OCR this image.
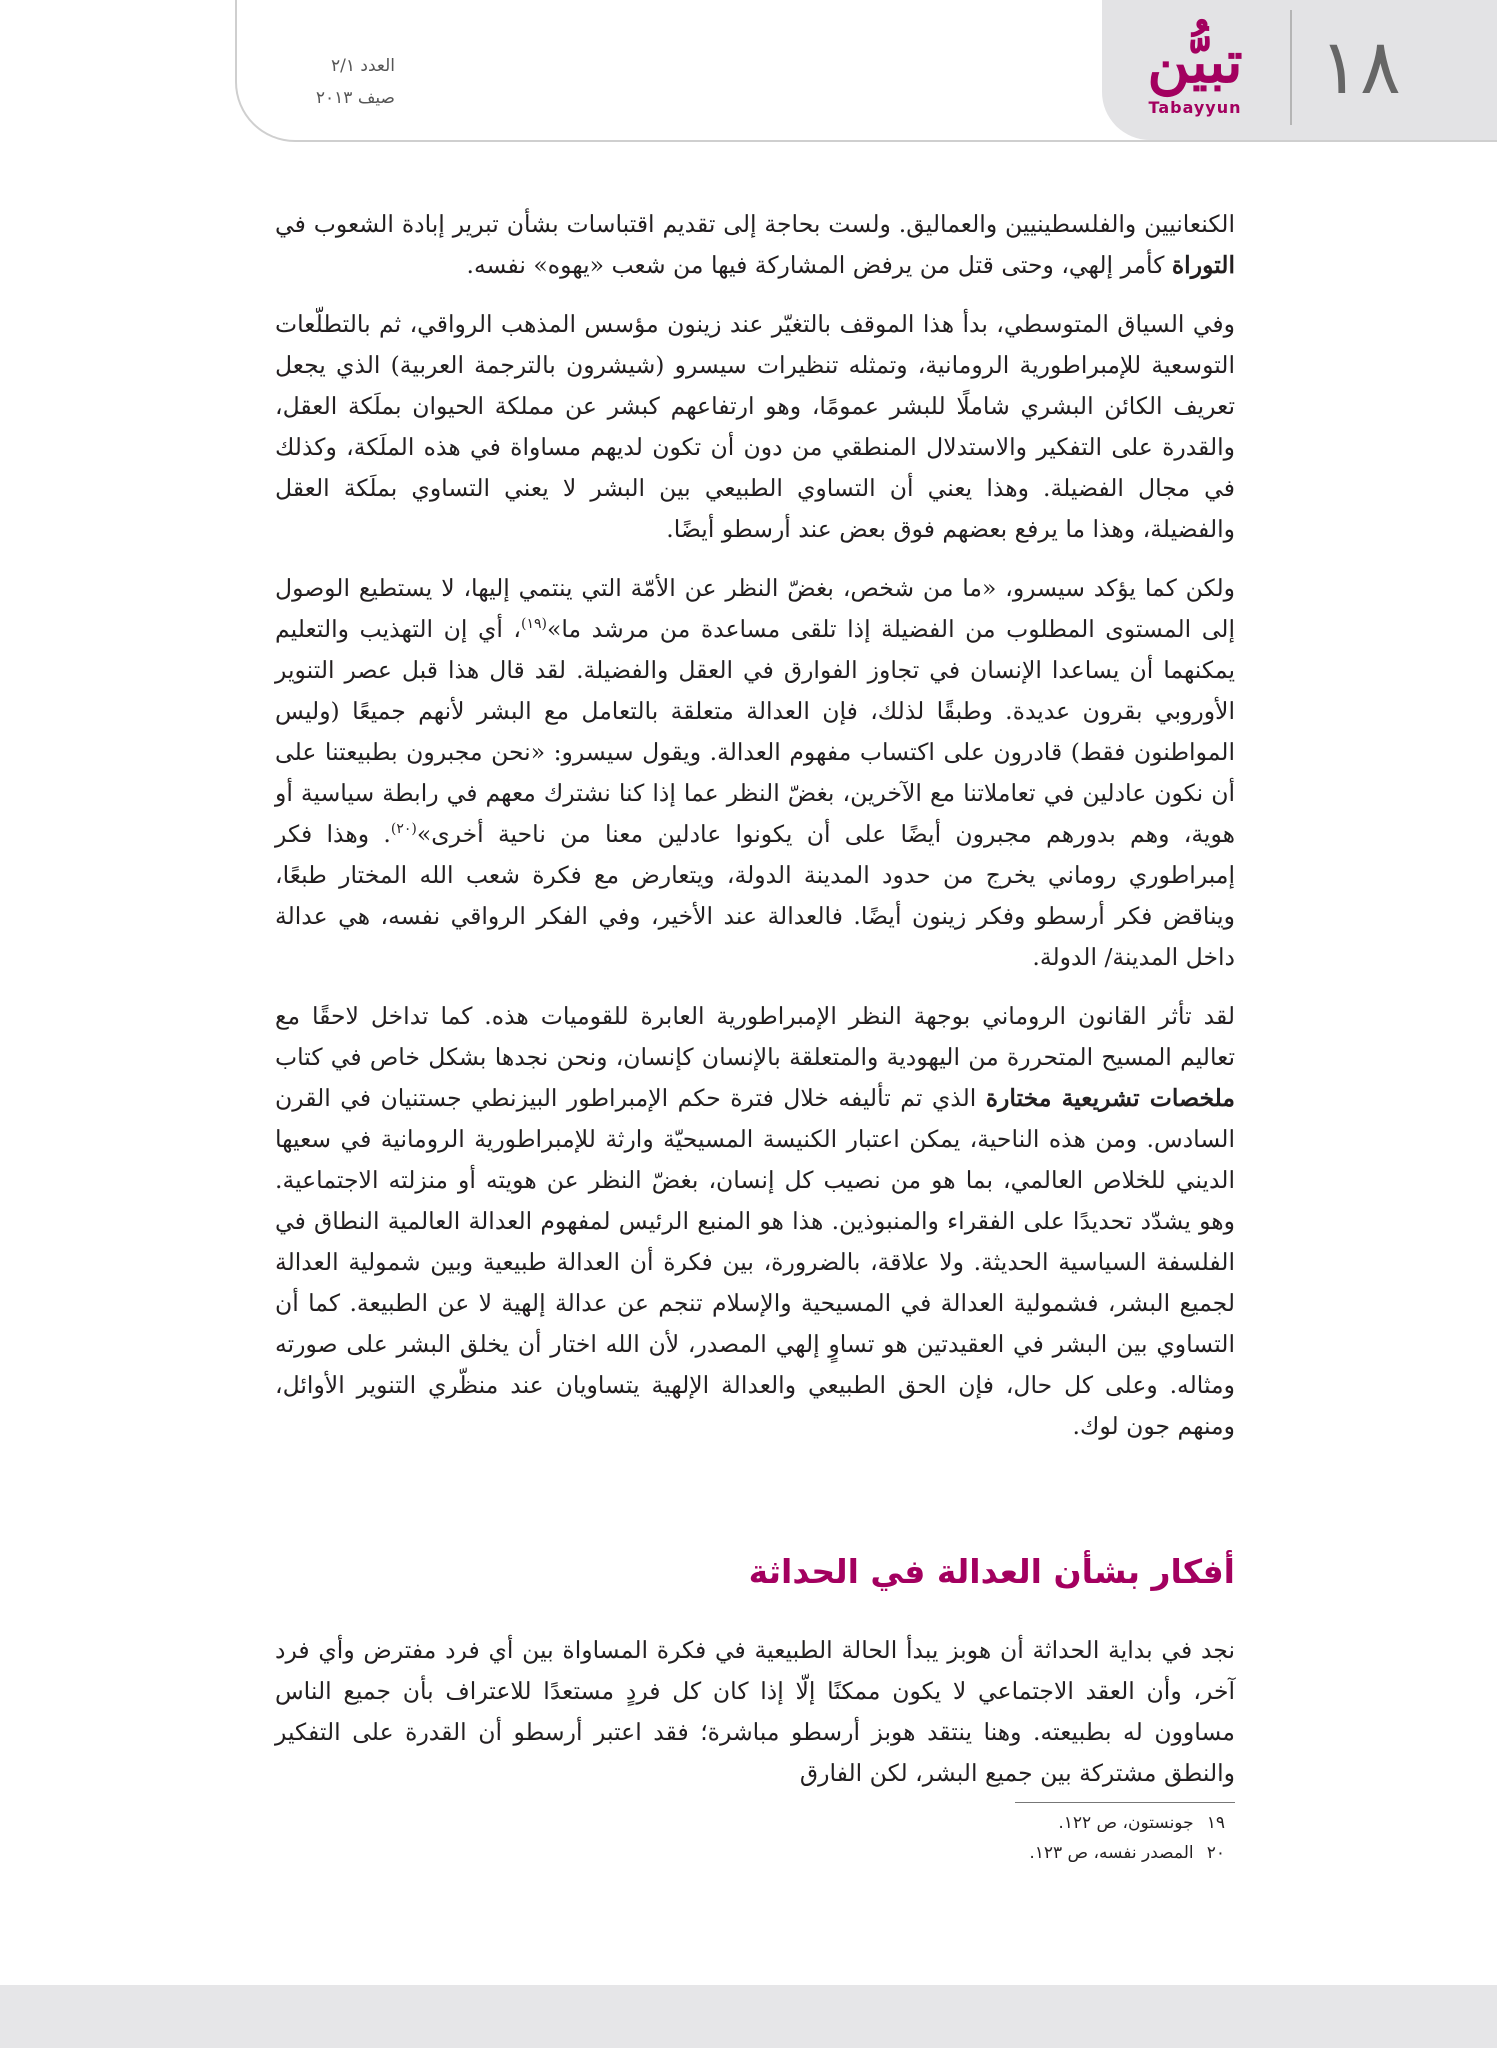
العدد ٢/١
صيف ٢٠١٣
تبيُّن
Tabayyun	١٨

الكنعانيين والفلسطينيين والعماليق. ولست بحاجة إلى تقديم اقتباسات بشأن تبرير إبادة الشعوب في التوراة كأمر إلهي، وحتى قتل من يرفض المشاركة فيها من شعب «يهوه» نفسه.

وفي السياق المتوسطي، بدأ هذا الموقف بالتغيّر عند زينون مؤسس المذهب الرواقي، ثم بالتطلّعات التوسعية للإمبراطورية الرومانية، وتمثله تنظيرات سيسرو (شيشرون بالترجمة العربية) الذي يجعل تعريف الكائن البشري شاملًا للبشر عمومًا، وهو ارتفاعهم كبشر عن مملكة الحيوان بملَكة العقل، والقدرة على التفكير والاستدلال المنطقي من دون أن تكون لديهم مساواة في هذه الملَكة، وكذلك في مجال الفضيلة. وهذا يعني أن التساوي الطبيعي بين البشر لا يعني التساوي بملَكة العقل والفضيلة، وهذا ما يرفع بعضهم فوق بعض عند أرسطو أيضًا.

ولكن كما يؤكد سيسرو، «ما من شخص، بغضّ النظر عن الأمّة التي ينتمي إليها، لا يستطيع الوصول إلى المستوى المطلوب من الفضيلة إذا تلقى مساعدة من مرشد ما»$^{(١٩)}$، أي إن التهذيب والتعليم يمكنهما أن يساعدا الإنسان في تجاوز الفوارق في العقل والفضيلة. لقد قال هذا قبل عصر التنوير الأوروبي بقرون عديدة. وطبقًا لذلك، فإن العدالة متعلقة بالتعامل مع البشر لأنهم جميعًا (وليس المواطنون فقط) قادرون على اكتساب مفهوم العدالة. ويقول سيسرو: «نحن مجبرون بطبيعتنا على أن نكون عادلين في تعاملاتنا مع الآخرين، بغضّ النظر عما إذا كنا نشترك معهم في رابطة سياسية أو هوية، وهم بدورهم مجبرون أيضًا على أن يكونوا عادلين معنا من ناحية أخرى»$^{(٢٠)}$. وهذا فكر إمبراطوري روماني يخرج من حدود المدينة الدولة، ويتعارض مع فكرة شعب الله المختار طبعًا، ويناقض فكر أرسطو وفكر زينون أيضًا. فالعدالة عند الأخير، وفي الفكر الرواقي نفسه، هي عدالة داخل المدينة/ الدولة.

لقد تأثر القانون الروماني بوجهة النظر الإمبراطورية العابرة للقوميات هذه. كما تداخل لاحقًا مع تعاليم المسيح المتحررة من اليهودية والمتعلقة بالإنسان كإنسان، ونحن نجدها بشكل خاص في كتاب ملخصات تشريعية مختارة الذي تم تأليفه خلال فترة حكم الإمبراطور البيزنطي جستنيان في القرن السادس. ومن هذه الناحية، يمكن اعتبار الكنيسة المسيحيّة وارثة للإمبراطورية الرومانية في سعيها الديني للخلاص العالمي، بما هو من نصيب كل إنسان، بغضّ النظر عن هويته أو منزلته الاجتماعية. وهو يشدّد تحديدًا على الفقراء والمنبوذين. هذا هو المنبع الرئيس لمفهوم العدالة العالمية النطاق في الفلسفة السياسية الحديثة. ولا علاقة، بالضرورة، بين فكرة أن العدالة طبيعية وبين شمولية العدالة لجميع البشر، فشمولية العدالة في المسيحية والإسلام تنجم عن عدالة إلهية لا عن الطبيعة. كما أن التساوي بين البشر في العقيدتين هو تساوٍ إلهي المصدر، لأن الله اختار أن يخلق البشر على صورته ومثاله. وعلى كل حال، فإن الحق الطبيعي والعدالة الإلهية يتساويان عند منظّري التنوير الأوائل، ومنهم جون لوك.

أفكار بشأن العدالة في الحداثة

نجد في بداية الحداثة أن هوبز يبدأ الحالة الطبيعية في فكرة المساواة بين أي فرد مفترض وأي فرد آخر، وأن العقد الاجتماعي لا يكون ممكنًا إلّا إذا كان كل فردٍ مستعدًا للاعتراف بأن جميع الناس مساوون له بطبيعته. وهنا ينتقد هوبز أرسطو مباشرة؛ فقد اعتبر أرسطو أن القدرة على التفكير والنطق مشتركة بين جميع البشر، لكن الفارق

١٩ جونستون، ص ١٢٢.
٢٠ المصدر نفسه، ص ١٢٣.
